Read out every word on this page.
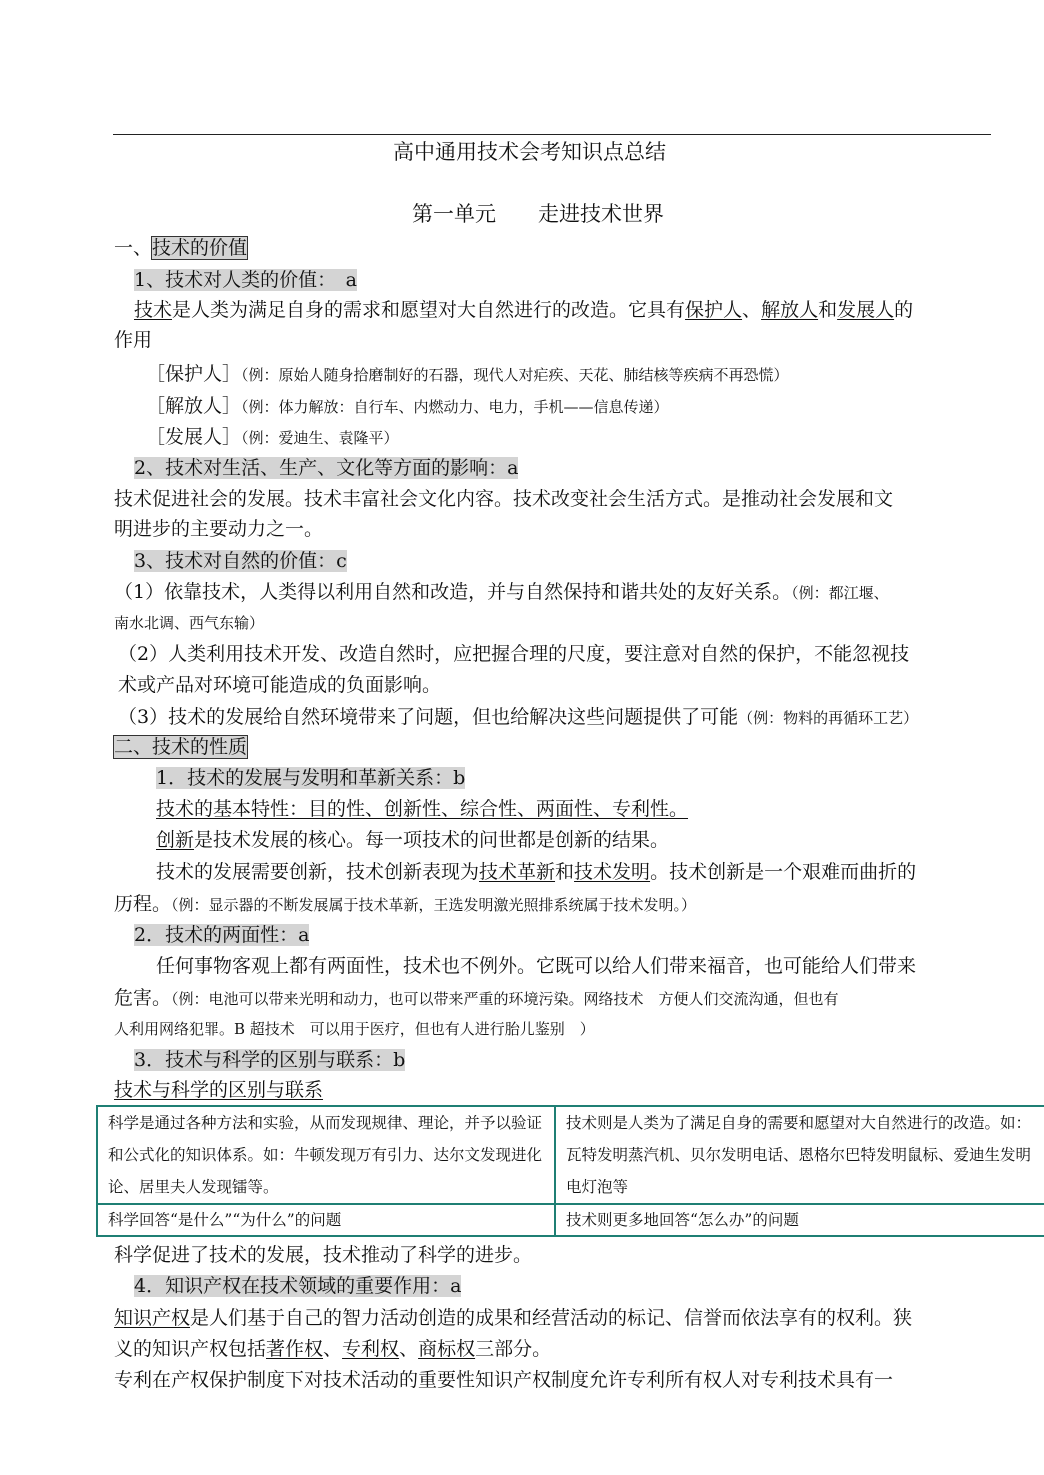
高中通用技术会考知识点总结
第一单元　　走进技术世界
一、技术的价值
1、技术对人类的价值：　a
技术是人类为满足自身的需求和愿望对大自然进行的改造。它具有保护人、解放人和发展人的
作用
［保护人］（例：原始人随身拾磨制好的石器，现代人对疟疾、天花、肺结核等疾病不再恐慌）
［解放人］（例：体力解放：自行车、内燃动力、电力，手机——信息传递）
［发展人］（例：爱迪生、袁隆平）
2、技术对生活、生产、文化等方面的影响：a
技术促进社会的发展。技术丰富社会文化内容。技术改变社会生活方式。是推动社会发展和文
明进步的主要动力之一。
3、技术对自然的价值：c
（1）依靠技术，人类得以利用自然和改造，并与自然保持和谐共处的友好关系。（例：都江堰、
南水北调、西气东输）
（2）人类利用技术开发、改造自然时，应把握合理的尺度，要注意对自然的保护，不能忽视技
术或产品对环境可能造成的负面影响。
（3）技术的发展给自然环境带来了问题，但也给解决这些问题提供了可能（例：物料的再循环工艺）
二、技术的性质
1．技术的发展与发明和革新关系：b
技术的基本特性：目的性、创新性、综合性、两面性、专利性。
创新是技术发展的核心。每一项技术的问世都是创新的结果。
技术的发展需要创新，技术创新表现为技术革新和技术发明。技术创新是一个艰难而曲折的
历程。（例：显示器的不断发展属于技术革新，王选发明激光照排系统属于技术发明。）
2．技术的两面性：a
任何事物客观上都有两面性，技术也不例外。它既可以给人们带来福音，也可能给人们带来
危害。（例：电池可以带来光明和动力，也可以带来严重的环境污染。网络技术　方便人们交流沟通，但也有
人利用网络犯罪。B 超技术　可以用于医疗，但也有人进行胎儿鉴别　）
3．技术与科学的区别与联系：b
技术与科学的区别与联系
科学是通过各种方法和实验，从而发现规律、理论，并予以验证和公式化的知识体系。如：牛顿发现万有引力、达尔文发现进化论、居里夫人发现镭等。	技术则是人类为了满足自身的需要和愿望对大自然进行的改造。如：瓦特发明蒸汽机、贝尔发明电话、恩格尔巴特发明鼠标、爱迪生发明电灯泡等
科学回答“是什么”“为什么”的问题	技术则更多地回答“怎么办”的问题
科学促进了技术的发展，技术推动了科学的进步。
4．知识产权在技术领域的重要作用：a
知识产权是人们基于自己的智力活动创造的成果和经营活动的标记、信誉而依法享有的权利。狭
义的知识产权包括著作权、专利权、商标权三部分。
专利在产权保护制度下对技术活动的重要性知识产权制度允许专利所有权人对专利技术具有一
